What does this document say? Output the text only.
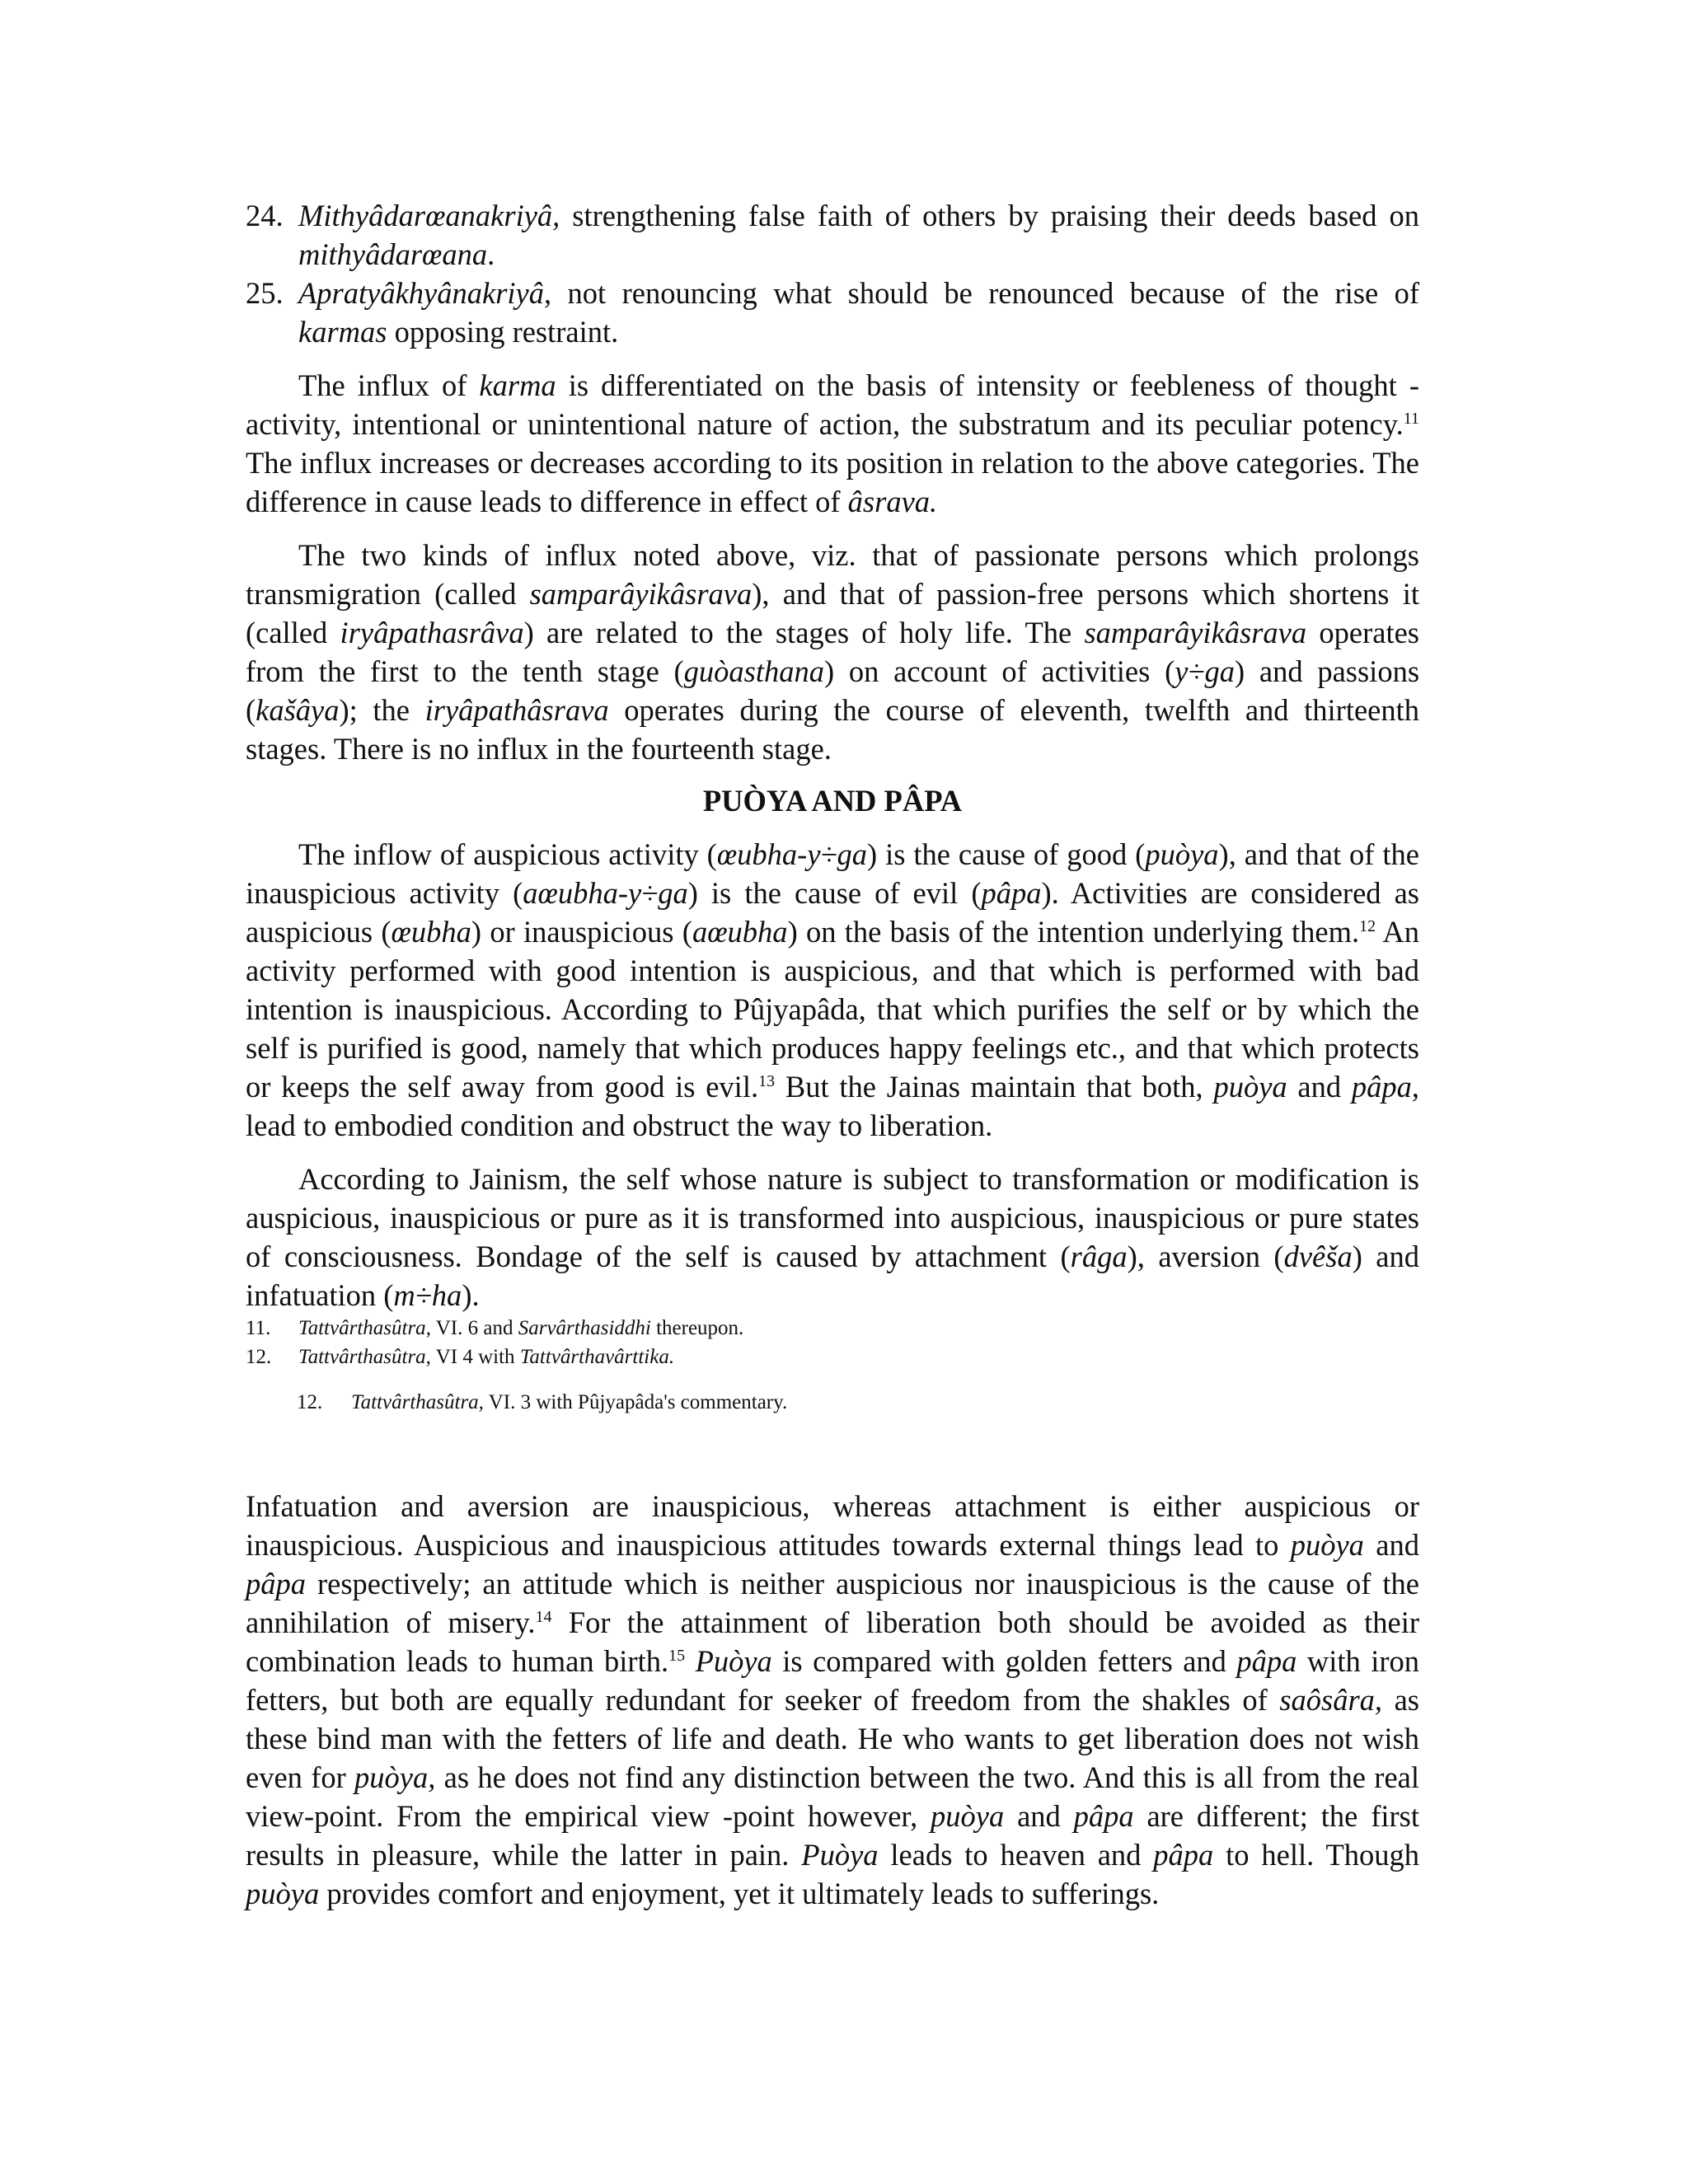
24. Mithyâdarœanakriyâ, strengthening false faith of others by praising their deeds based on mithyâdarœana.

25. Apratyâkhyânakriyâ, not renouncing what should be renounced because of the rise of karmas opposing restraint.

The influx of karma is differentiated on the basis of intensity or feebleness of thought -activity, intentional or unintentional nature of action, the substratum and its peculiar potency.$^{11}$ The influx increases or decreases according to its position in relation to the above categories. The difference in cause leads to difference in effect of âsrava.

The two kinds of influx noted above, viz. that of passionate persons which prolongs transmigration (called samparâyikâsrava), and that of passion-free persons which shortens it (called iryâpathasrâva) are related to the stages of holy life. The samparâyikâsrava operates from the first to the tenth stage (guòasthana) on account of activities (y÷ga) and passions (kašâya); the iryâpathâsrava operates during the course of eleventh, twelfth and thirteenth stages. There is no influx in the fourteenth stage.

PUÒYA AND PÂPA

The inflow of auspicious activity (œubha-y÷ga) is the cause of good (puòya), and that of the inauspicious activity (aœubha-y÷ga) is the cause of evil (pâpa). Activities are considered as auspicious (œubha) or inauspicious (aœubha) on the basis of the intention underlying them.$^{12}$ An activity performed with good intention is auspicious, and that which is performed with bad intention is inauspicious. According to Pûjyapâda, that which purifies the self or by which the self is purified is good, namely that which produces happy feelings etc., and that which protects or keeps the self away from good is evil.$^{13}$ But the Jainas maintain that both, puòya and pâpa, lead to embodied condition and obstruct the way to liberation.

According to Jainism, the self whose nature is subject to transformation or modification is auspicious, inauspicious or pure as it is transformed into auspicious, inauspicious or pure states of consciousness. Bondage of the self is caused by attachment (râga), aversion (dvêša) and infatuation (m÷ha).

11. Tattvârthasûtra, VI. 6 and Sarvârthasiddhi thereupon.
12. Tattvârthasûtra, VI 4 with Tattvârthavârttika.
12. Tattvârthasûtra, VI. 3 with Pûjyapâda's commentary.

Infatuation and aversion are inauspicious, whereas attachment is either auspicious or inauspicious. Auspicious and inauspicious attitudes towards external things lead to puòya and pâpa respectively; an attitude which is neither auspicious nor inauspicious is the cause of the annihilation of misery.$^{14}$ For the attainment of liberation both should be avoided as their combination leads to human birth.$^{15}$ Puòya is compared with golden fetters and pâpa with iron fetters, but both are equally redundant for seeker of freedom from the shakles of saôsâra, as these bind man with the fetters of life and death. He who wants to get liberation does not wish even for puòya, as he does not find any distinction between the two. And this is all from the real view-point. From the empirical view -point however, puòya and pâpa are different; the first results in pleasure, while the latter in pain. Puòya leads to heaven and pâpa to hell. Though puòya provides comfort and enjoyment, yet it ultimately leads to sufferings.
